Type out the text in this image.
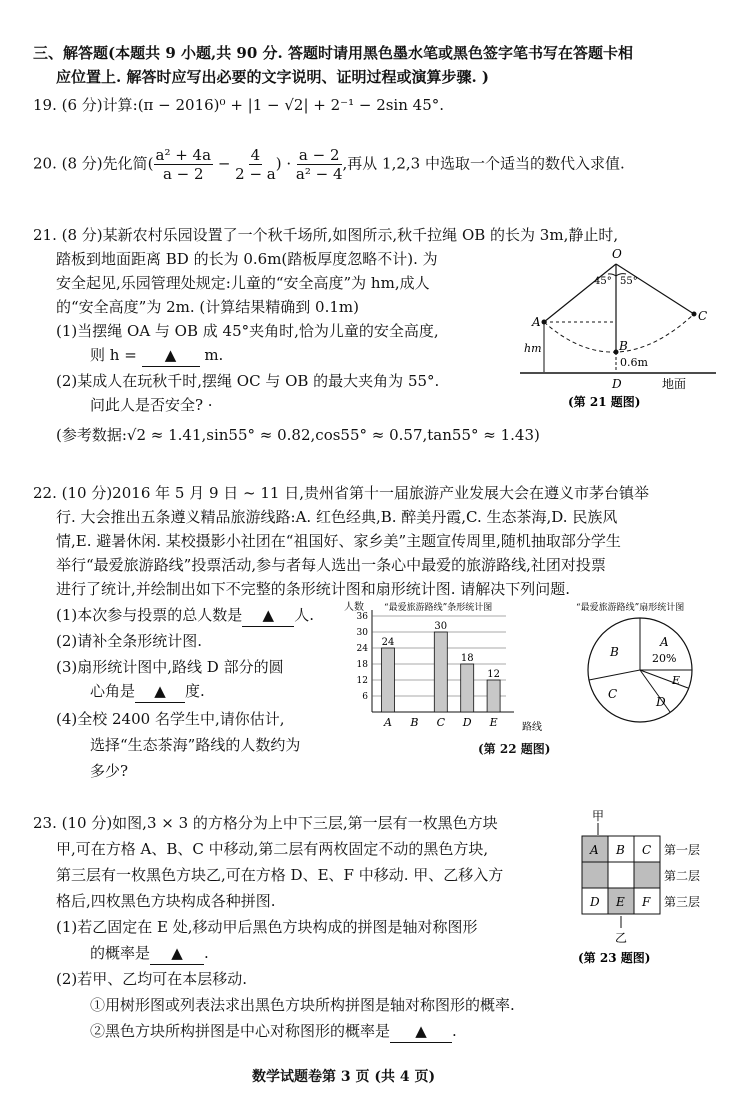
三、解答题(本题共 9 小题,共 90 分. 答题时请用黑色墨水笔或黑色签字笔书写在答题卡相
应位置上. 解答时应写出必要的文字说明、证明过程或演算步骤. )
19. (6 分)计算:(π − 2016)⁰ + |1 − √2| + 2⁻¹ − 2sin 45°.
20. (8 分)先化简( $\frac{\text{a² + 4a}}{a - 2} - \frac{4}{2 - a}$ ) · $\frac{a - 2}{\text{a² − 4}}$ ,再从 1,2,3 中选取一个适当的数代入求值.
21. (8 分)某新农村乐园设置了一个秋千场所,如图所示,秋千拉绳 OB 的长为 3m,静止时,
踏板到地面距离 BD 的长为 0.6m(踏板厚度忽略不计). 为
安全起见,乐园管理处规定:儿童的“安全高度”为 hm,成人
的“安全高度”为 2m. (计算结果精确到 0.1m)
(1)当摆绳 OA 与 OB 成 45°夹角时,恰为儿童的安全高度,
则 h = ▲ m.
(2)某成人在玩秋千时,摆绳 OC 与 OB 的最大夹角为 55°.
问此人是否安全? ·
(参考数据:√2 ≈ 1.41,sin55° ≈ 0.82,cos55° ≈ 0.57,tan55° ≈ 1.43)
O
A
B
C
D
45° 55°
hm
0.6m
地面
(第 21 题图)
22. (10 分)2016 年 5 月 9 日 ~ 11 日,贵州省第十一届旅游产业发展大会在遵义市茅台镇举
行. 大会推出五条遵义精品旅游线路:A. 红色经典,B. 醉美丹霞,C. 生态茶海,D. 民族风
情,E. 避暑休闲. 某校摄影小社团在“祖国好、家乡美”主题宣传周里,随机抽取部分学生
举行“最爱旅游路线”投票活动,参与者每人选出一条心中最爱的旅游路线,社团对投票
进行了统计,并绘制出如下不完整的条形统计图和扇形统计图. 请解决下列问题.
(1)本次参与投票的总人数是 ▲ 人.
(2)请补全条形统计图.
(3)扇形统计图中,路线 D 部分的圆
心角是 ▲ 度.
(4)全校 2400 名学生中,请你估计,
选择“生态茶海”路线的人数约为
多少?
人数 “最爱旅游路线”条形统计图
6
12
18
24
30
36
24
A B
30
C
18
D
12
E 路线
“最爱旅游路线”扇形统计图
A
20%
B
C
D
E
(第 22 题图)
23. (10 分)如图,3 × 3 的方格分为上中下三层,第一层有一枚黑色方块
甲,可在方格 A、B、C 中移动,第二层有两枚固定不动的黑色方块,
第三层有一枚黑色方块乙,可在方格 D、E、F 中移动. 甲、乙移入方
格后,四枚黑色方块构成各种拼图.
(1)若乙固定在 E 处,移动甲后黑色方块构成的拼图是轴对称图形
的概率是 ▲ .
(2)若甲、乙均可在本层移动.
①用树形图或列表法求出黑色方块所构拼图是轴对称图形的概率.
②黑色方块所构拼图是中心对称图形的概率是 ▲ .
甲
A B C
D E F
第一层
第二层
第三层
乙
(第 23 题图)
数学试题卷第 3 页 (共 4 页)
